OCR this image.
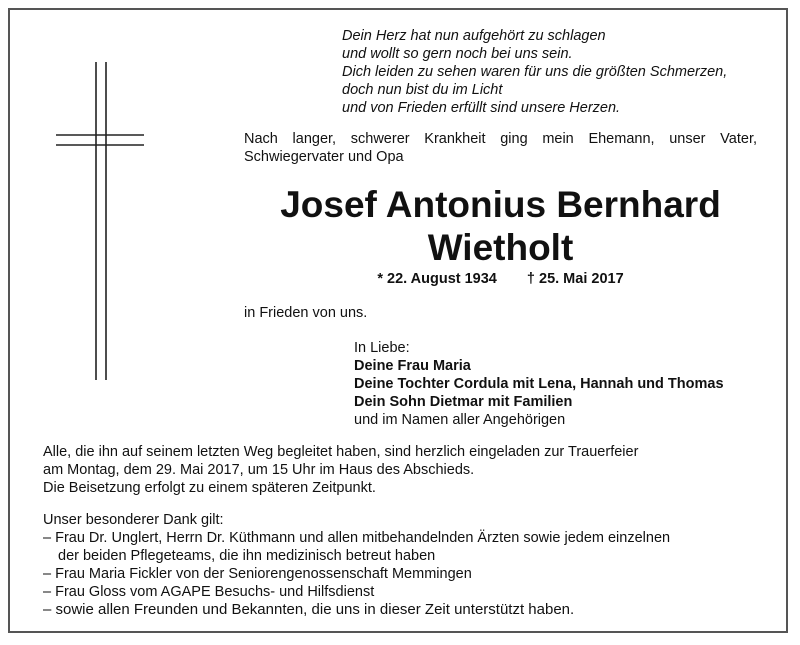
Dein Herz hat nun aufgehört zu schlagen
und wollt so gern noch bei uns sein.
Dich leiden zu sehen waren für uns die größten Schmerzen,
doch nun bist du im Licht
und von Frieden erfüllt sind unsere Herzen.
Nach langer, schwerer Krankheit ging mein Ehemann, unser Vater, Schwiegervater und Opa
Josef Antonius Bernhard
Wietholt
* 22. August 1934 † 25. Mai 2017
in Frieden von uns.
In Liebe:
Deine Frau Maria
Deine Tochter Cordula mit Lena, Hannah und Thomas
Dein Sohn Dietmar mit Familien
und im Namen aller Angehörigen
Alle, die ihn auf seinem letzten Weg begleitet haben, sind herzlich eingeladen zur Trauerfeier
am Montag, dem 29. Mai 2017, um 15 Uhr im Haus des Abschieds.
Die Beisetzung erfolgt zu einem späteren Zeitpunkt.
Unser besonderer Dank gilt:
– Frau Dr. Unglert, Herrn Dr. Küthmann und allen mitbehandelnden Ärzten sowie jedem einzelnen
der beiden Pflegeteams, die ihn medizinisch betreut haben
– Frau Maria Fickler von der Seniorengenossenschaft Memmingen
– Frau Gloss vom AGAPE Besuchs- und Hilfsdienst
– sowie allen Freunden und Bekannten, die uns in dieser Zeit unterstützt haben.
